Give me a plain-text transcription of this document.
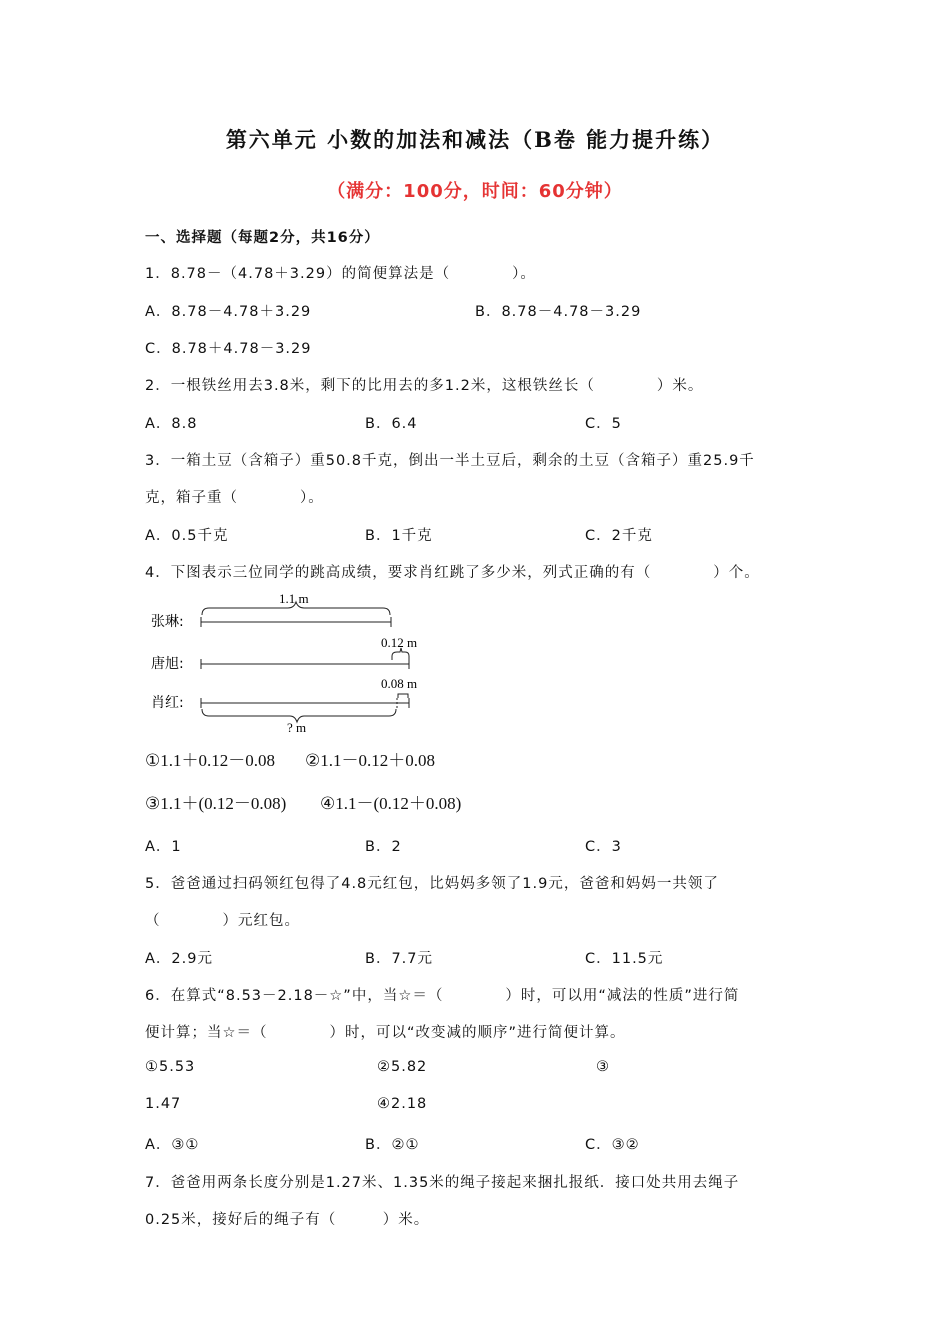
第六单元 小数的加法和减法（B卷 能力提升练）
（满分：100分，时间：60分钟）
一、选择题（每题2分，共16分）
1．8.78－（4.78＋3.29）的简便算法是（　　　　）。
A．8.78－4.78＋3.29	B．8.78－4.78－3.29
C．8.78＋4.78－3.29
2．一根铁丝用去3.8米，剩下的比用去的多1.2米，这根铁丝长（　　　　）米。
A．8.8	B．6.4	C．5
3．一箱土豆（含箱子）重50.8千克，倒出一半土豆后，剩余的土豆（含箱子）重25.9千
克，箱子重（　　　　）。
A．0.5千克	B．1千克	C．2千克
4．下图表示三位同学的跳高成绩，要求肖红跳了多少米，列式正确的有（　　　　）个。
张琳:
唐旭:
肖红:
1.1 m
0.12 m
0.08 m
? m
①1.1＋0.12－0.08 ②1.1－0.12＋0.08
③1.1＋(0.12－0.08) ④1.1－(0.12＋0.08)
A．1	B．2	C．3
5．爸爸通过扫码领红包得了4.8元红包，比妈妈多领了1.9元，爸爸和妈妈一共领了
（　　　　）元红包。
A．2.9元	B．7.7元	C．11.5元
6．在算式“8.53－2.18－☆”中，当☆＝（　　　　）时，可以用“减法的性质”进行简
便计算；当☆＝（　　　　）时，可以“改变减的顺序”进行简便计算。
①5.53	②5.82	③
1.47	④2.18
A．③①	B．②①	C．③②
7．爸爸用两条长度分别是1.27米、1.35米的绳子接起来捆扎报纸．接口处共用去绳子
0.25米，接好后的绳子有（　　　）米。
